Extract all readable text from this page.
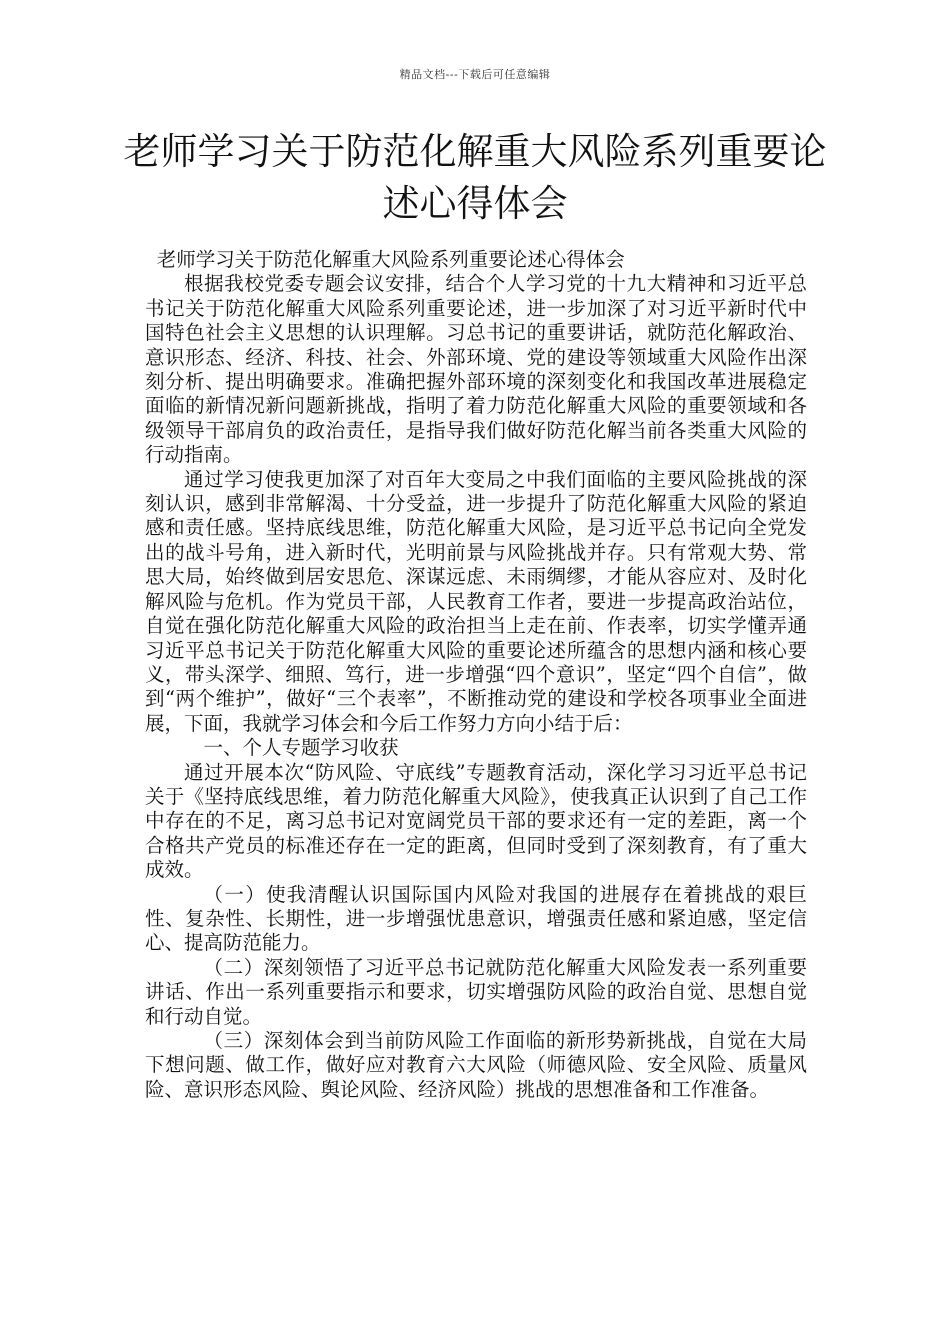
精品文档---下载后可任意编辑
老师学习关于防范化解重大风险系列重要论述心得体会

老师学习关于防范化解重大风险系列重要论述心得体会

根据我校党委专题会议安排，结合个人学习党的十九大精神和习近平总书记关于防范化解重大风险系列重要论述，进一步加深了对习近平新时代中国特色社会主义思想的认识理解。习总书记的重要讲话，就防范化解政治、意识形态、经济、科技、社会、外部环境、党的建设等领域重大风险作出深刻分析、提出明确要求。准确把握外部环境的深刻变化和我国改革进展稳定面临的新情况新问题新挑战，指明了着力防范化解重大风险的重要领域和各级领导干部肩负的政治责任，是指导我们做好防范化解当前各类重大风险的行动指南。

通过学习使我更加深了对百年大变局之中我们面临的主要风险挑战的深刻认识，感到非常解渴、十分受益，进一步提升了防范化解重大风险的紧迫感和责任感。坚持底线思维，防范化解重大风险，是习近平总书记向全党发出的战斗号角，进入新时代，光明前景与风险挑战并存。只有常观大势、常思大局，始终做到居安思危、深谋远虑、未雨绸缪，才能从容应对、及时化解风险与危机。作为党员干部，人民教育工作者，要进一步提高政治站位，自觉在强化防范化解重大风险的政治担当上走在前、作表率，切实学懂弄通习近平总书记关于防范化解重大风险的重要论述所蕴含的思想内涵和核心要义，带头深学、细照、笃行，进一步增强“四个意识”，坚定“四个自信”，做到“两个维护”，做好“三个表率”，不断推动党的建设和学校各项事业全面进展，下面，我就学习体会和今后工作努力方向小结于后：

一、个人专题学习收获

通过开展本次“防风险、守底线”专题教育活动，深化学习习近平总书记关于《坚持底线思维，着力防范化解重大风险》，使我真正认识到了自己工作中存在的不足，离习总书记对宽阔党员干部的要求还有一定的差距，离一个合格共产党员的标准还存在一定的距离，但同时受到了深刻教育，有了重大成效。

（一）使我清醒认识国际国内风险对我国的进展存在着挑战的艰巨性、复杂性、长期性，进一步增强忧患意识，增强责任感和紧迫感，坚定信心、提高防范能力。

（二）深刻领悟了习近平总书记就防范化解重大风险发表一系列重要讲话、作出一系列重要指示和要求，切实增强防风险的政治自觉、思想自觉和行动自觉。

（三）深刻体会到当前防风险工作面临的新形势新挑战，自觉在大局下想问题、做工作，做好应对教育六大风险（师德风险、安全风险、质量风险、意识形态风险、舆论风险、经济风险）挑战的思想准备和工作准备。
